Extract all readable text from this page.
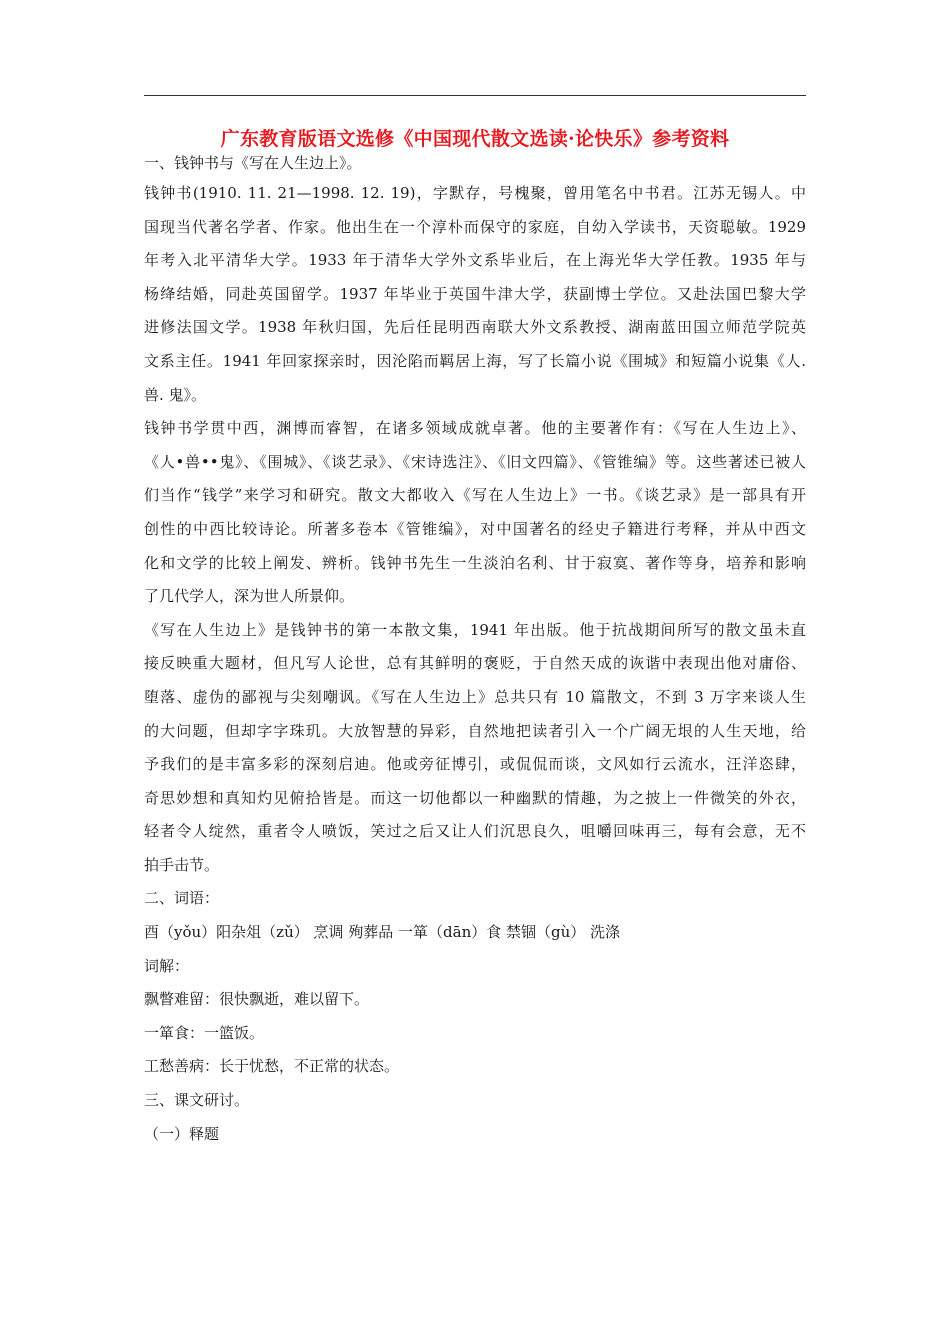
广东教育版语文选修《中国现代散文选读·论快乐》参考资料
一、钱钟书与《写在人生边上》。
钱钟书(1910. 11. 21—1998. 12. 19)，字默存，号槐聚，曾用笔名中书君。江苏无锡人。中
国现当代著名学者、作家。他出生在一个淳朴而保守的家庭，自幼入学读书，天资聪敏。1929
年考入北平清华大学。1933 年于清华大学外文系毕业后，在上海光华大学任教。1935 年与
杨绛结婚，同赴英国留学。1937 年毕业于英国牛津大学，获副博士学位。又赴法国巴黎大学
进修法国文学。1938 年秋归国，先后任昆明西南联大外文系教授、湖南蓝田国立师范学院英
文系主任。1941 年回家探亲时，因沦陷而羁居上海，写了长篇小说《围城》和短篇小说集《人.
兽. 鬼》。
钱钟书学贯中西，渊博而睿智，在诸多领域成就卓著。他的主要著作有：《写在人生边上》、
《人•兽••鬼》、《围城》、《谈艺录》、《宋诗选注》、《旧文四篇》、《管锥编》等。这些著述已被人
们当作“钱学”来学习和研究。散文大都收入《写在人生边上》一书。《谈艺录》是一部具有开
创性的中西比较诗论。所著多卷本《管锥编》，对中国著名的经史子籍进行考释，并从中西文
化和文学的比较上阐发、辨析。钱钟书先生一生淡泊名利、甘于寂寞、著作等身，培养和影响
了几代学人，深为世人所景仰。
《写在人生边上》是钱钟书的第一本散文集，1941 年出版。他于抗战期间所写的散文虽未直
接反映重大题材，但凡写人论世，总有其鲜明的褒贬，于自然天成的诙谐中表现出他对庸俗、
堕落、虚伪的鄙视与尖刻嘲讽。《写在人生边上》总共只有 10 篇散文，不到 3 万字来谈人生
的大问题，但却字字珠玑。大放智慧的异彩，自然地把读者引入一个广阔无垠的人生天地，给
予我们的是丰富多彩的深刻启迪。他或旁征博引，或侃侃而谈，文风如行云流水，汪洋恣肆，
奇思妙想和真知灼见俯拾皆是。而这一切他都以一种幽默的情趣，为之披上一件微笑的外衣，
轻者令人绽然，重者令人喷饭，笑过之后又让人们沉思良久，咀嚼回味再三，每有会意，无不
拍手击节。
二、词语：
酉（yǒu）阳杂俎（zǔ） 烹调 殉葬品 一箪（dān）食 禁锢（gù） 洗涤
词解：
飘瞥难留：很快飘逝，难以留下。
一箪食：一篮饭。
工愁善病：长于忧愁，不正常的状态。
三、课文研讨。
（一）释题
